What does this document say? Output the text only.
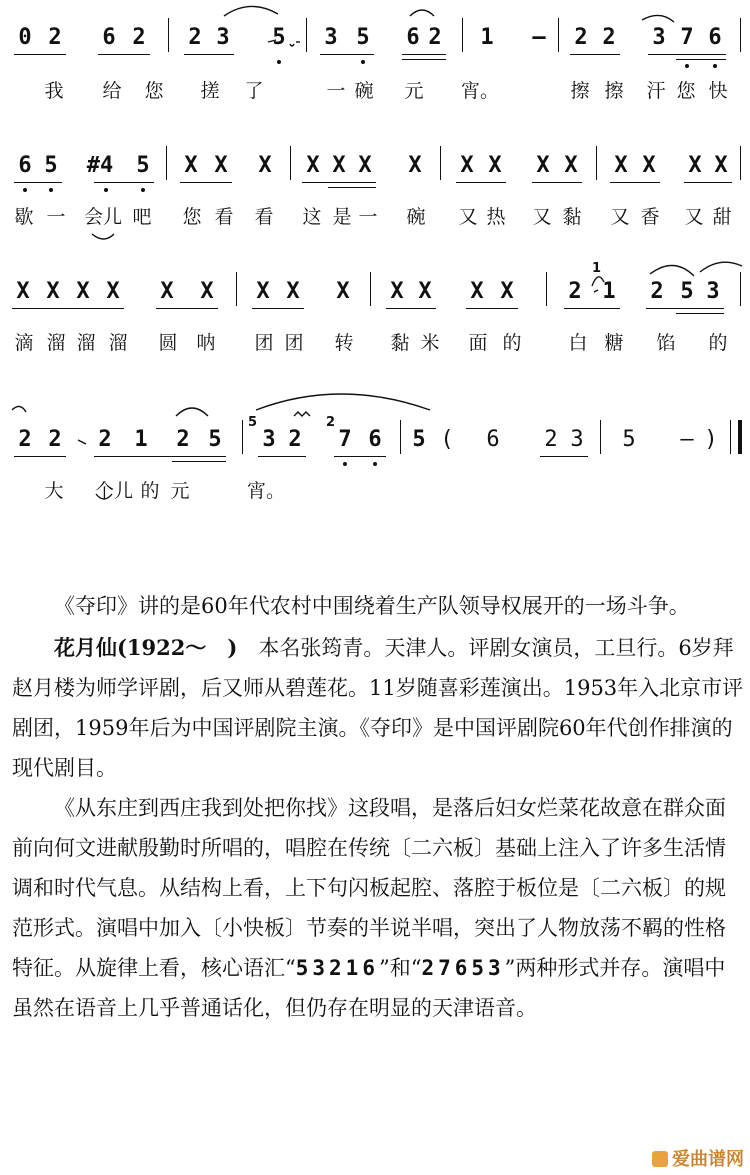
0 2 6 2 2 3 5 3 5 6 2 1 – 2 2 3 7 6
我 给 您 搓 了	一 碗 元 宵。	擦 擦 汗 您 快
6 5 #4 5 X X X X X X X X X X X X X X X
歇 一 会儿 吧 您 看 看 这 是 一 碗 又 热 又 黏 又 香 又 甜
X X X X X X X X X X X X X 2 1 2 5 3
1
滴 溜 溜 溜 圆 呐 团 团 转 黏 米 面 的 白 糖 馅 的
2 2 2 1 2 5
5
3 2
2
7 6 5 ( 6 2 3 5 – )
大 个儿 的 元	宵。

《夺印》讲的是60年代农村中围绕着生产队领导权展开的一场斗争。

花月仙(1922～　)　本名张筠青。天津人。评剧女演员，工旦行。6岁拜赵月楼为师学评剧，后又师从碧莲花。11岁随喜彩莲演出。1953年入北京市评剧团，1959年后为中国评剧院主演。《夺印》是中国评剧院60年代创作排演的现代剧目。

《从东庄到西庄我到处把你找》这段唱，是落后妇女烂菜花故意在群众面前向何文进献殷勤时所唱的，唱腔在传统〔二六板〕基础上注入了许多生活情调和时代气息。从结构上看，上下句闪板起腔、落腔于板位是〔二六板〕的规范形式。演唱中加入〔小快板〕节奏的半说半唱，突出了人物放荡不羁的性格特征。从旋律上看，核心语汇“53216”和“27653”两种形式并存。演唱中虽然在语音上几乎普通话化，但仍存在明显的天津语音。

爱曲谱网
